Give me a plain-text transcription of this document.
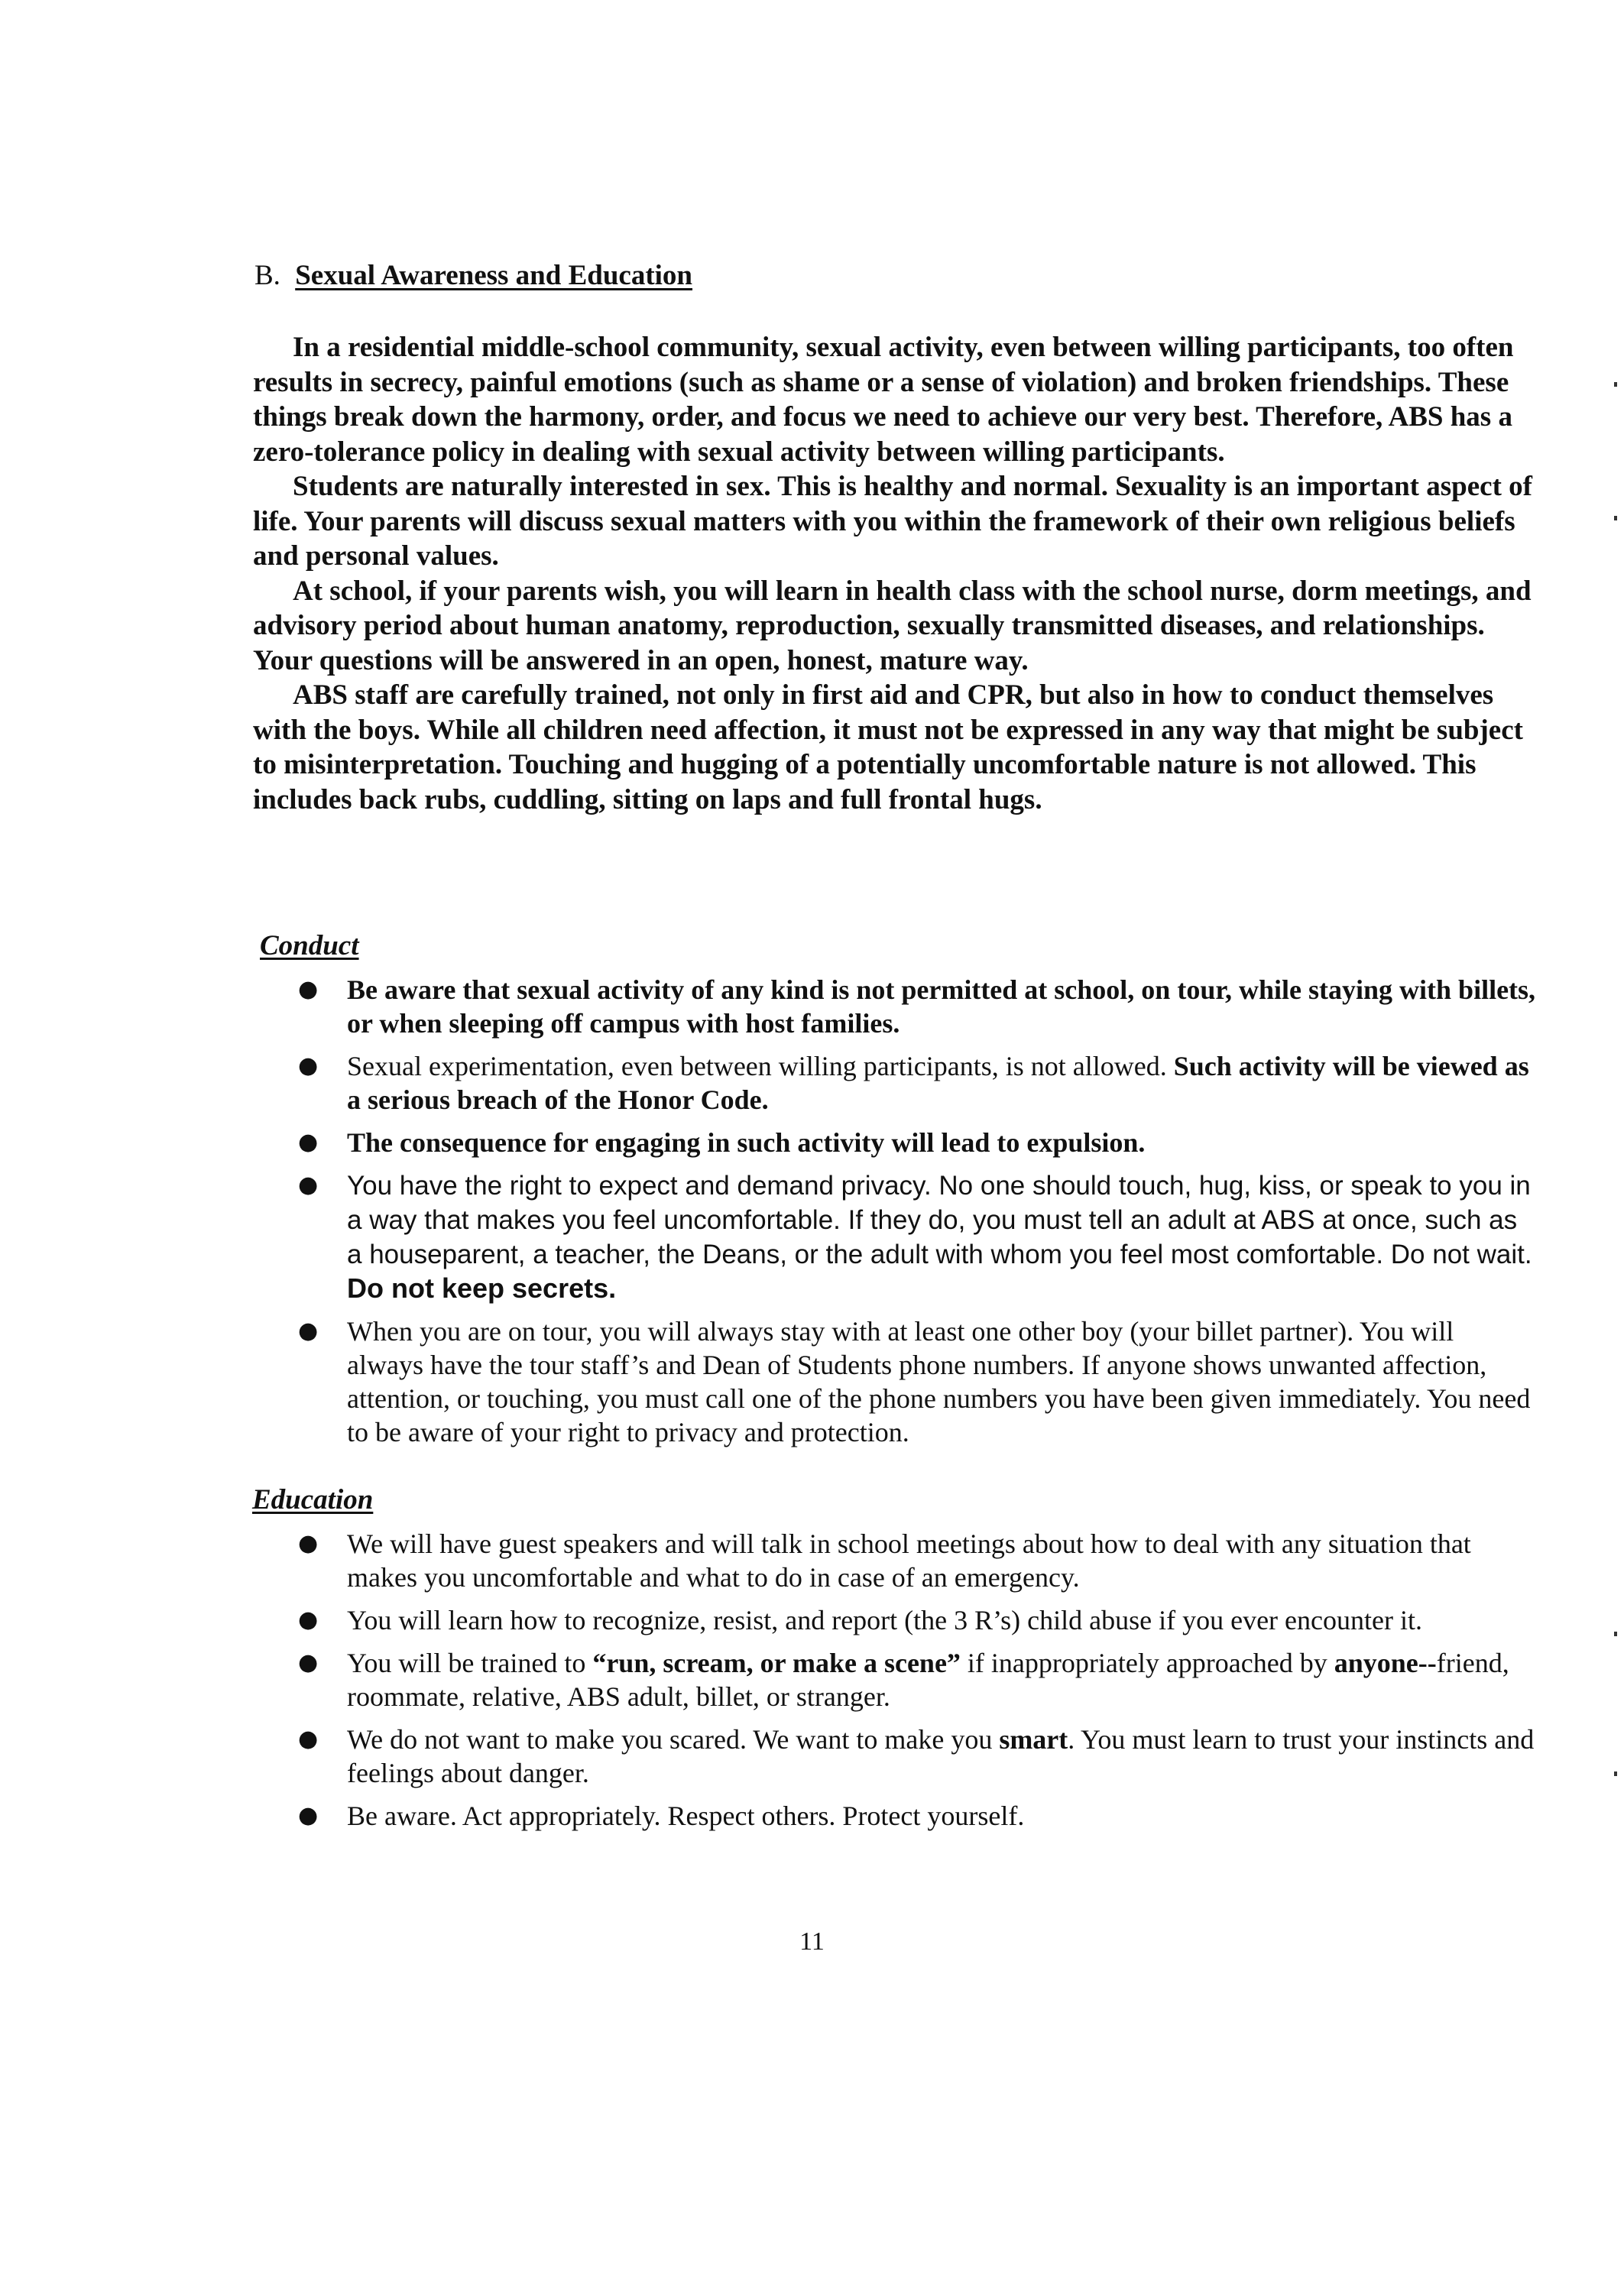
B. Sexual Awareness and Education

In a residential middle-school community, sexual activity, even between willing participants, too often results in secrecy, painful emotions (such as shame or a sense of violation) and broken friendships. These things break down the harmony, order, and focus we need to achieve our very best. Therefore, ABS has a zero-tolerance policy in dealing with sexual activity between willing participants.

Students are naturally interested in sex. This is healthy and normal. Sexuality is an important aspect of life. Your parents will discuss sexual matters with you within the framework of their own religious beliefs and personal values.

At school, if your parents wish, you will learn in health class with the school nurse, dorm meetings, and advisory period about human anatomy, reproduction, sexually transmitted diseases, and relationships. Your questions will be answered in an open, honest, mature way.

ABS staff are carefully trained, not only in first aid and CPR, but also in how to conduct themselves with the boys. While all children need affection, it must not be expressed in any way that might be subject to misinterpretation. Touching and hugging of a potentially uncomfortable nature is not allowed. This includes back rubs, cuddling, sitting on laps and full frontal hugs.

Conduct
● Be aware that sexual activity of any kind is not permitted at school, on tour, while staying with billets, or when sleeping off campus with host families.
● Sexual experimentation, even between willing participants, is not allowed. Such activity will be viewed as a serious breach of the Honor Code.
● The consequence for engaging in such activity will lead to expulsion.
● You have the right to expect and demand privacy. No one should touch, hug, kiss, or speak to you in a way that makes you feel uncomfortable. If they do, you must tell an adult at ABS at once, such as a houseparent, a teacher, the Deans, or the adult with whom you feel most comfortable. Do not wait. Do not keep secrets.
● When you are on tour, you will always stay with at least one other boy (your billet partner). You will always have the tour staff’s and Dean of Students phone numbers. If anyone shows unwanted affection, attention, or touching, you must call one of the phone numbers you have been given immediately. You need to be aware of your right to privacy and protection.
Education
● We will have guest speakers and will talk in school meetings about how to deal with any situation that makes you uncomfortable and what to do in case of an emergency.
● You will learn how to recognize, resist, and report (the 3 R’s) child abuse if you ever encounter it.
● You will be trained to “run, scream, or make a scene” if inappropriately approached by anyone--friend, roommate, relative, ABS adult, billet, or stranger.
● We do not want to make you scared. We want to make you smart. You must learn to trust your instincts and feelings about danger.
● Be aware. Act appropriately. Respect others. Protect yourself.
11
